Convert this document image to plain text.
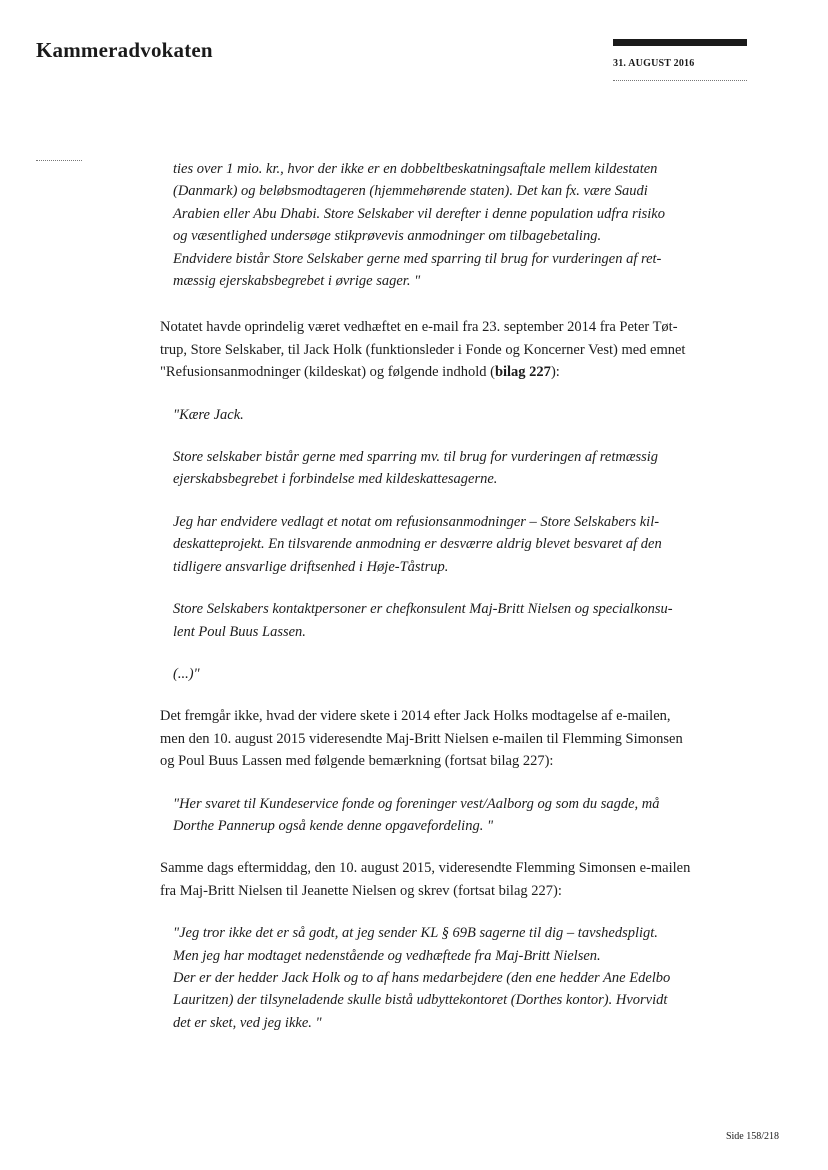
Kammeradvokaten
31. AUGUST 2016
ties over 1 mio. kr., hvor der ikke er en dobbeltbeskatningsaftale mellem kildestaten
(Danmark) og beløbsmodtageren (hjemmehørende staten). Det kan fx. være Saudi
Arabien eller Abu Dhabi. Store Selskaber vil derefter i denne population udfra risiko
og væsentlighed undersøge stikprøvevis anmodninger om tilbagebetaling.
Endvidere bistår Store Selskaber gerne med sparring til brug for vurderingen af ret-
mæssig ejerskabsbegrebet i øvrige sager. "
Notatet havde oprindelig været vedhæftet en e-mail fra 23. september 2014 fra Peter Tøt-
trup, Store Selskaber, til Jack Holk (funktionsleder i Fonde og Koncerner Vest) med emnet
"Refusionsanmodninger (kildeskat) og følgende indhold (bilag 227):
"Kære Jack.
Store selskaber bistår gerne med sparring mv. til brug for vurderingen af retmæssig
ejerskabsbegrebet i forbindelse med kildeskattesagerne.
Jeg har endvidere vedlagt et notat om refusionsanmodninger – Store Selskabers kil-
deskatteprojekt. En tilsvarende anmodning er desværre aldrig blevet besvaret af den
tidligere ansvarlige driftsenhed i Høje-Tåstrup.
Store Selskabers kontaktpersoner er chefkonsulent Maj-Britt Nielsen og specialkonsu-
lent Poul Buus Lassen.
(...)"
Det fremgår ikke, hvad der videre skete i 2014 efter Jack Holks modtagelse af e-mailen,
men den 10. august 2015 videresendte Maj-Britt Nielsen e-mailen til Flemming Simonsen
og Poul Buus Lassen med følgende bemærkning (fortsat bilag 227):
"Her svaret til Kundeservice fonde og foreninger vest/Aalborg og som du sagde, må
Dorthe Pannerup også kende denne opgavefordeling. "
Samme dags eftermiddag, den 10. august 2015, videresendte Flemming Simonsen e-mailen
fra Maj-Britt Nielsen til Jeanette Nielsen og skrev (fortsat bilag 227):
"Jeg tror ikke det er så godt, at jeg sender KL § 69B sagerne til dig – tavshedspligt.
Men jeg har modtaget nedenstående og vedhæftede fra Maj-Britt Nielsen.
Der er der hedder Jack Holk og to af hans medarbejdere (den ene hedder Ane Edelbo
Lauritzen) der tilsyneladende skulle bistå udbyttekontoret (Dorthes kontor). Hvorvidt
det er sket, ved jeg ikke. "
Side 158/218
